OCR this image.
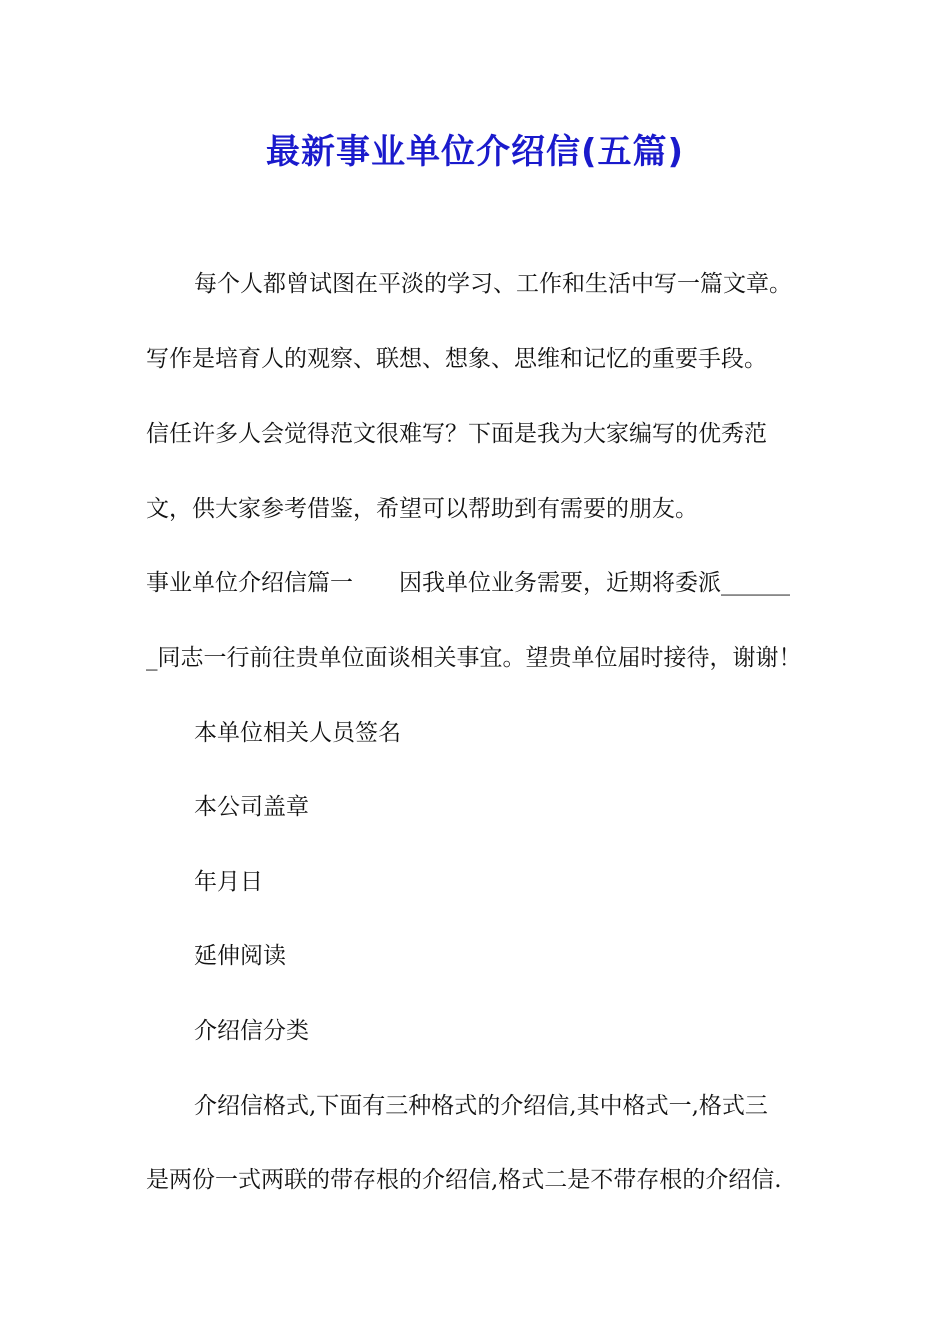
最新事业单位介绍信(五篇)

每个人都曾试图在平淡的学习、工作和生活中写一篇文章。

写作是培育人的观察、联想、想象、思维和记忆的重要手段。

信任许多人会觉得范文很难写？下面是我为大家编写的优秀范

文，供大家参考借鉴，希望可以帮助到有需要的朋友。

事业单位介绍信篇一　　因我单位业务需要，近期将委派______

_同志一行前往贵单位面谈相关事宜。望贵单位届时接待，谢谢！

本单位相关人员签名

本公司盖章

年月日

延伸阅读

介绍信分类

介绍信格式,下面有三种格式的介绍信,其中格式一,格式三

是两份一式两联的带存根的介绍信,格式二是不带存根的介绍信.
